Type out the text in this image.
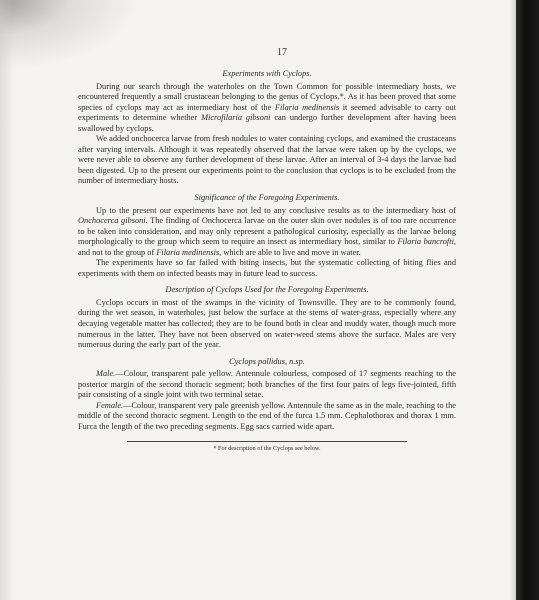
17
Experiments with Cyclops.

During our search through the waterholes on the Town Common for possible intermediary hosts, we encountered frequently a small crustacean belonging to the genus of Cyclops.*. As it has been proved that some species of cyclops may act as intermediary host of the Filaria medinensis it seemed advisable to carry out experiments to determine whether Microfilaria gibsoni can undergo further development after having been swallowed by cyclops.

We added onchocerca larvae from fresh nodules to water containing cyclops, and examined the crustaceans after varying intervals. Although it was repeatedly observed that the larvae were taken up by the cyclops, we were never able to observe any further development of these larvae. After an interval of 3-4 days the larvae had been digested. Up to the present our experiments point to the conclusion that cyclops is to be excluded from the number of intermediary hosts.

Significance of the Foregoing Experiments.

Up to the present our experiments have not led to any conclusive results as to the intermediary host of Onchocerca gibsoni. The finding of Onchocerca larvae on the outer skin over nodules is of too rare occurrence to be taken into consideration, and may only represent a pathological curiosity, especially as the larvae belong morphologically to the group which seem to require an insect as intermediary host, similar to Filaria bancrofti, and not to the group of Filaria medinensis, which are able to live and move in water.

The experiments have so far failed with biting insects, but the systematic collecting of biting flies and experiments with them on infected beasts may in future lead to success.

Description of Cyclops Used for the Foregoing Experiments.

Cyclops occurs in most of the swamps in the vicinity of Townsville. They are to be commonly found, during the wet season, in waterholes, just below the surface at the stems of water-grass, especially where any decaying vegetable matter has collected; they are to be found both in clear and muddy water, though much more numerous in the latter. They have not been observed on water-weed stems above the surface. Males are very numerous during the early part of the year.

Cyclops pallidus, n.sp.

Male.—Colour, transparent pale yellow. Antennule colourless, composed of 17 segments reaching to the posterior margin of the second thoracic segment; both branches of the first four pairs of legs five-jointed, fifth pair consisting of a single joint with two terminal setae.

Female.—Colour, transparent very pale greenish yellow. Antennule the same as in the male, reaching to the middle of the second thoracic segment. Length to the end of the furca 1.5 mm. Cephalothorax and thorax 1 mm. Furca the length of the two preceding segments. Egg sacs carried wide apart.

* For description of the Cyclops see below.
